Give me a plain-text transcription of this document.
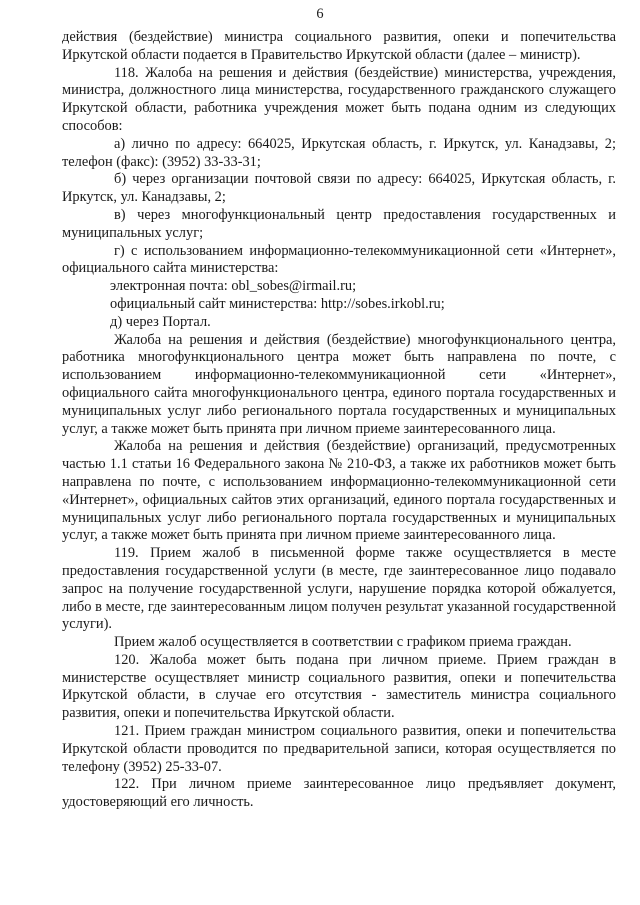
6

действия (бездействие) министра социального развития, опеки и попечительства Иркутской области подается в Правительство Иркутской области (далее – министр).

118. Жалоба на решения и действия (бездействие) министерства, учреждения, министра, должностного лица министерства, государственного гражданского служащего Иркутской области, работника учреждения может быть подана одним из следующих способов:

а) лично по адресу: 664025, Иркутская область, г. Иркутск, ул. Канадзавы, 2; телефон (факс): (3952) 33-33-31;

б) через организации почтовой связи по адресу: 664025, Иркутская область, г. Иркутск, ул. Канадзавы, 2;

в) через многофункциональный центр предоставления государственных и муниципальных услуг;

г) с использованием информационно-телекоммуникационной сети «Интернет», официального сайта министерства:

электронная почта: obl_sobes@irmail.ru;

официальный сайт министерства: http://sobes.irkobl.ru;

д) через Портал.

Жалоба на решения и действия (бездействие) многофункционального центра, работника многофункционального центра может быть направлена по почте, с использованием информационно-телекоммуникационной сети «Интернет», официального сайта многофункционального центра, единого портала государственных и муниципальных услуг либо регионального портала государственных и муниципальных услуг, а также может быть принята при личном приеме заинтересованного лица.

Жалоба на решения и действия (бездействие) организаций, предусмотренных частью 1.1 статьи 16 Федерального закона № 210-ФЗ, а также их работников может быть направлена по почте, с использованием информационно-телекоммуникационной сети «Интернет», официальных сайтов этих организаций, единого портала государственных и муниципальных услуг либо регионального портала государственных и муниципальных услуг, а также может быть принята при личном приеме заинтересованного лица.

119. Прием жалоб в письменной форме также осуществляется в месте предоставления государственной услуги (в месте, где заинтересованное лицо подавало запрос на получение государственной услуги, нарушение порядка которой обжалуется, либо в месте, где заинтересованным лицом получен результат указанной государственной услуги).

Прием жалоб осуществляется в соответствии с графиком приема граждан.

120. Жалоба может быть подана при личном приеме. Прием граждан в министерстве осуществляет министр социального развития, опеки и попечительства Иркутской области, в случае его отсутствия - заместитель министра социального развития, опеки и попечительства Иркутской области.

121. Прием граждан министром социального развития, опеки и попечительства Иркутской области проводится по предварительной записи, которая осуществляется по телефону (3952) 25-33-07.

122. При личном приеме заинтересованное лицо предъявляет документ, удостоверяющий его личность.
